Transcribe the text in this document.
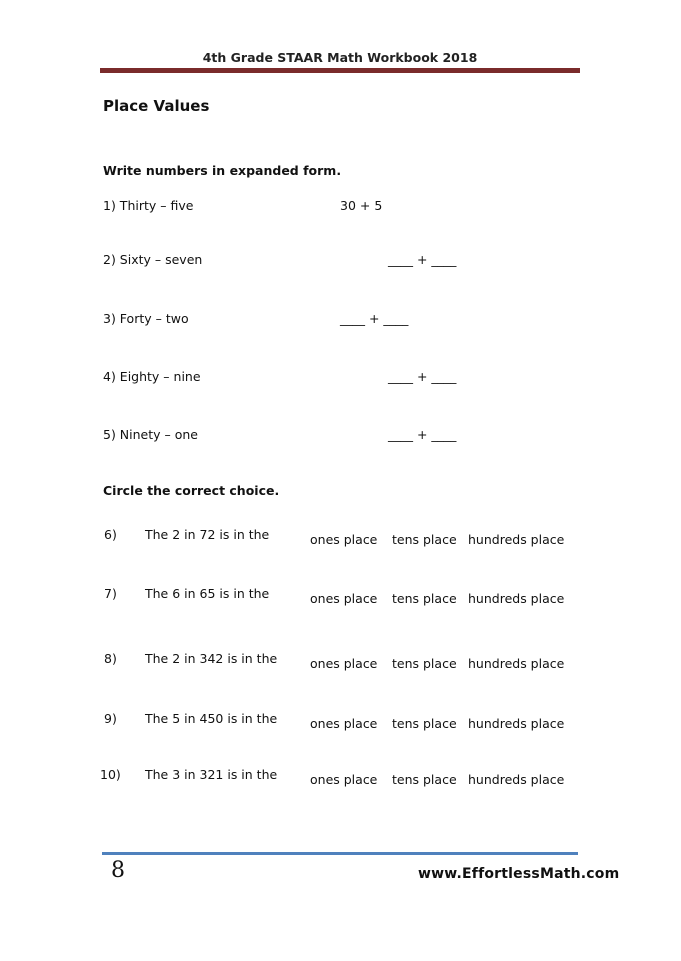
4th Grade STAAR Math Workbook 2018
Place Values
Write numbers in expanded form.
1) Thirty – five	30 + 5
2) Sixty – seven	____ + ____
3) Forty – two	____ + ____
4) Eighty – nine	____ + ____
5) Ninety – one	____ + ____
Circle the correct choice.
6) The 2 in 72 is in the	ones place tens place hundreds place
7) The 6 in 65 is in the	ones place tens place hundreds place
8) The 2 in 342 is in the	ones place tens place hundreds place
9) The 5 in 450 is in the	ones place tens place hundreds place
10) The 3 in 321 is in the	ones place tens place hundreds place
8	www.EffortlessMath.com
